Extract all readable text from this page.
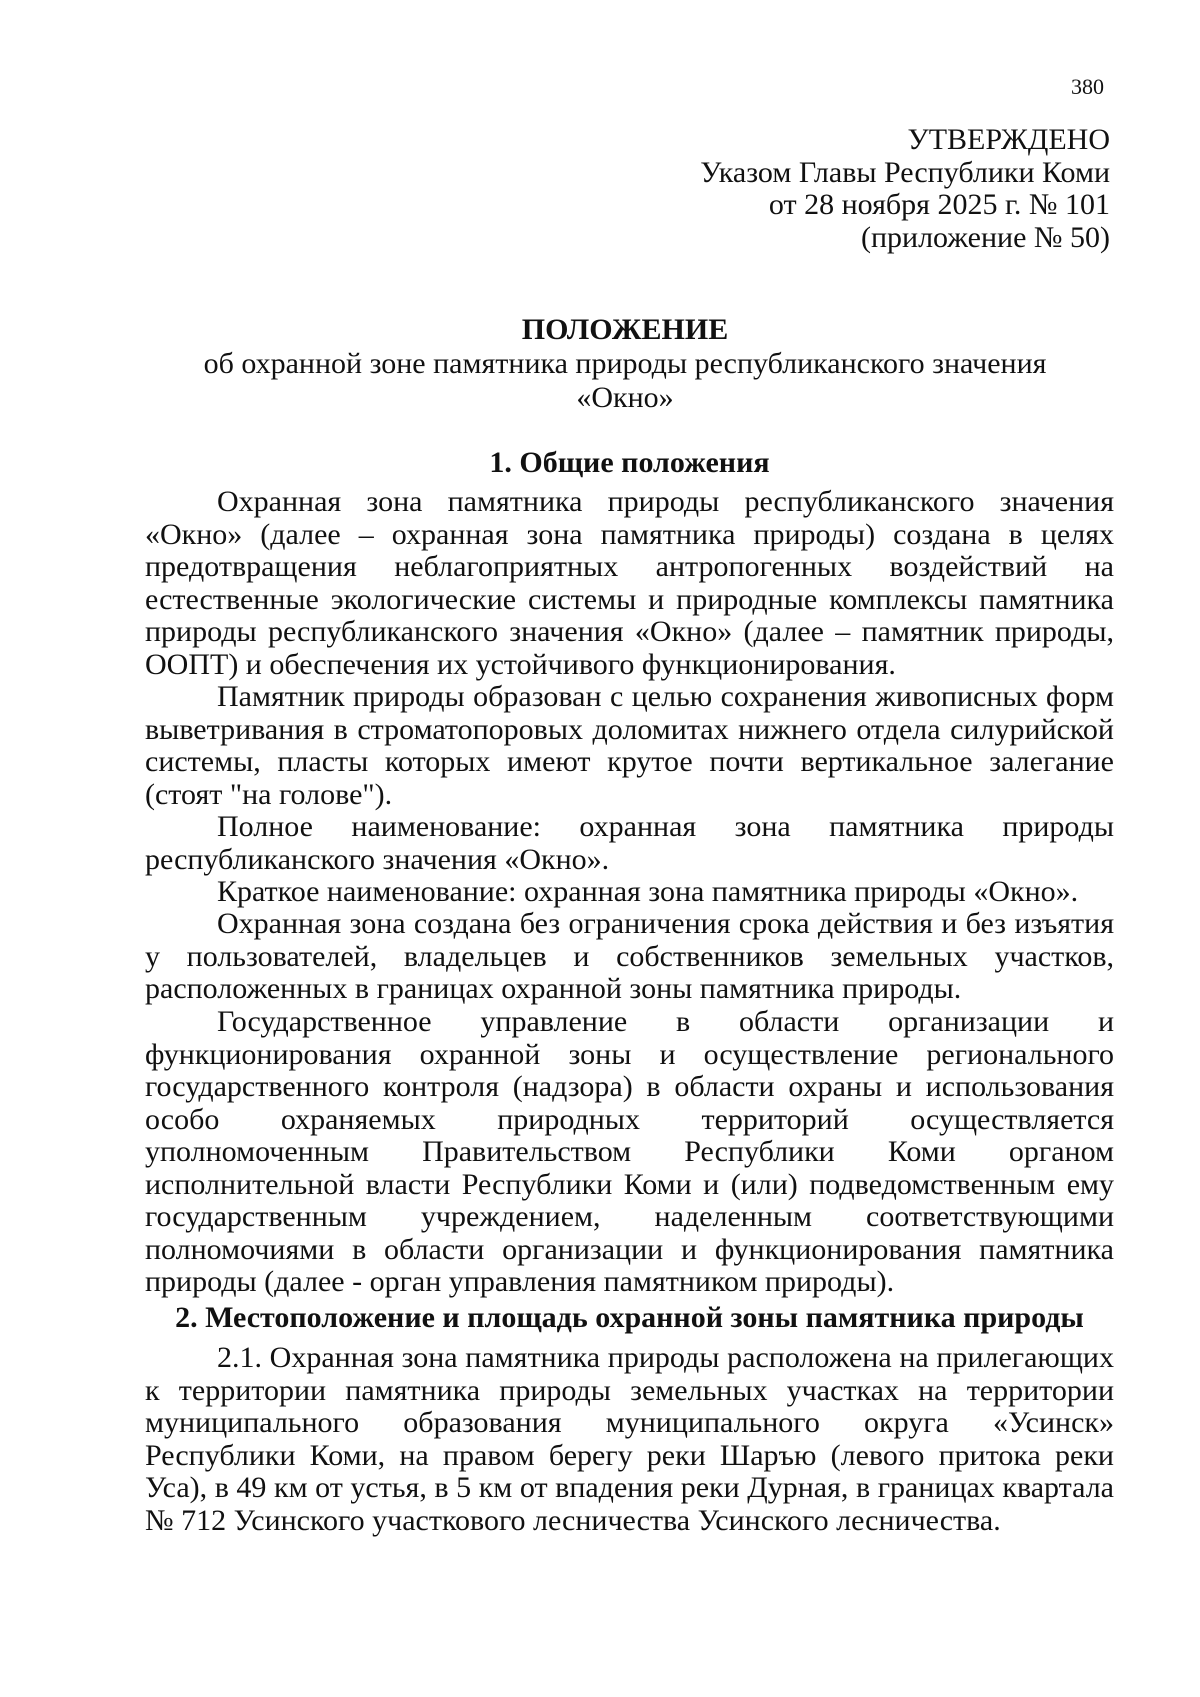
380
УТВЕРЖДЕНО
Указом Главы Республики Коми
от 28 ноября 2025 г. № 101
(приложение № 50)
ПОЛОЖЕНИЕ
об охранной зоне памятника природы республиканского значения
«Окно»
1. Общие положения

Охранная зона памятника природы республиканского значения «Окно» (далее – охранная зона памятника природы) создана в целях предотвращения неблагоприятных антропогенных воздействий на естественные экологические системы и природные комплексы памятника природы республиканского значения «Окно» (далее – памятник природы, ООПТ) и обеспечения их устойчивого функционирования.

Памятник природы образован с целью сохранения живописных форм выветривания в строматопоровых доломитах нижнего отдела силурийской системы, пласты которых имеют крутое почти вертикальное залегание (стоят "на голове").

Полное наименование: охранная зона памятника природы республиканского значения «Окно».

Краткое наименование: охранная зона памятника природы «Окно».

Охранная зона создана без ограничения срока действия и без изъятия у пользователей, владельцев и собственников земельных участков, расположенных в границах охранной зоны памятника природы.

Государственное управление в области организации и функционирования охранной зоны и осуществление регионального государственного контроля (надзора) в области охраны и использования особо охраняемых природных территорий осуществляется уполномоченным Правительством Республики Коми органом исполнительной власти Республики Коми и (или) подведомственным ему государственным учреждением, наделенным соответствующими полномочиями в области организации и функционирования памятника природы (далее - орган управления памятником природы).

2. Местоположение и площадь охранной зоны памятника природы

2.1. Охранная зона памятника природы расположена на прилегающих к территории памятника природы земельных участках на территории муниципального образования муниципального округа «Усинск» Республики Коми, на правом берегу реки Шаръю (левого притока реки Уса), в 49 км от устья, в 5 км от впадения реки Дурная, в границах квартала № 712 Усинского участкового лесничества Усинского лесничества.
